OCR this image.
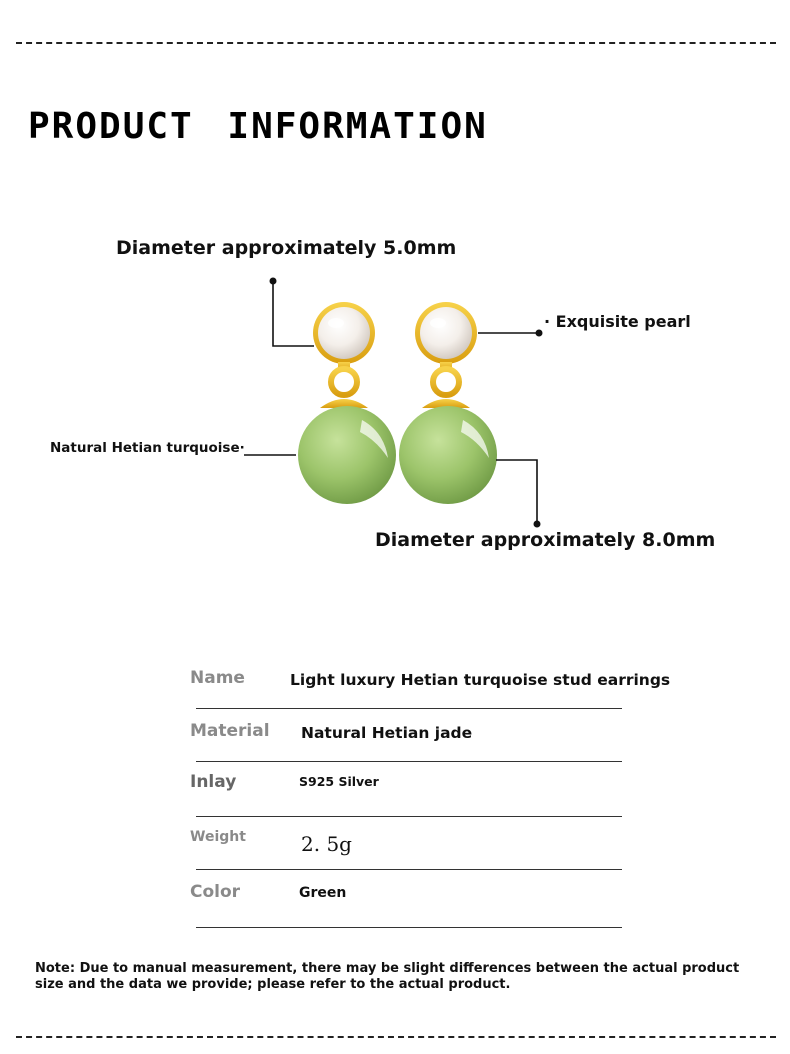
PRODUCT INFORMATION
Diameter approximately 5.0mm
· Exquisite pearl
Natural Hetian turquoise·
Diameter approximately 8.0mm
Name	Light luxury Hetian turquoise stud earrings
Material Natural Hetian jade
Inlay	S925 Silver
Weight	2. 5g
Color	Green

Note: Due to manual measurement, there may be slight differences between the actual product size and the data we provide; please refer to the actual product.
